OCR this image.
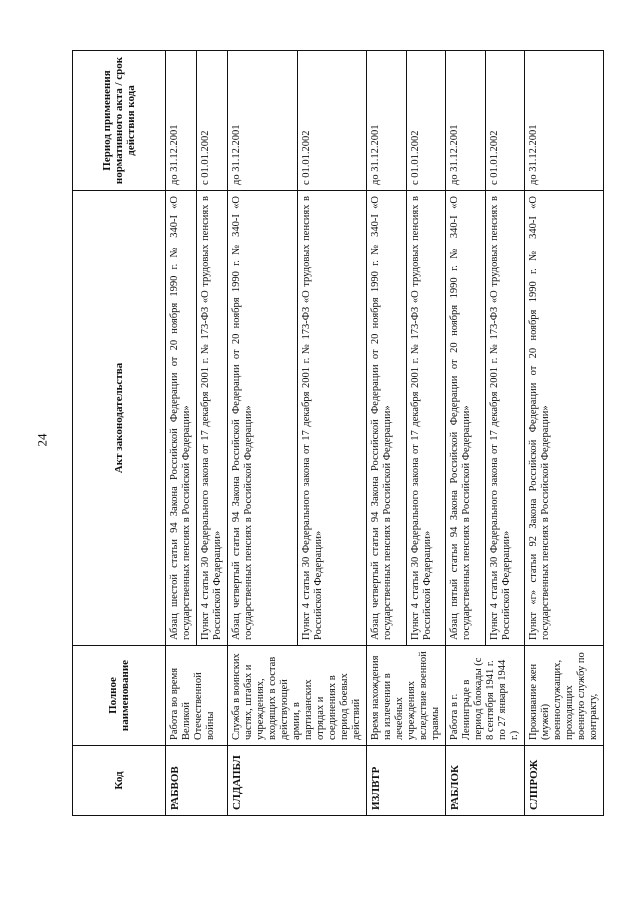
24
Код	Полное наименование	Акт законодательства	Период применения нормативного акта / срок действия кода
РАБВОВ	Работа во время Великой Отечественной войны	Абзац шестой статьи 94 Закона Российской Федерации от 20 ноября 1990 г. № 340-I «О государственных пенсиях в Российской Федерации»	до 31.12.2001
		Пункт 4 статьи 30 Федерального закона от 17 декабря 2001 г. № 173-ФЗ «О трудовых пенсиях в Российской Федерации»	с 01.01.2002
СЛДАПБЛ	Служба в воинских частях, штабах и учреждениях, входящих в состав действующей армии, в партизанских отрядах и соединениях в период боевых действий	Абзац четвертый статьи 94 Закона Российской Федерации от 20 ноября 1990 г. № 340-I «О государственных пенсиях в Российской Федерации»	до 31.12.2001
		Пункт 4 статьи 30 Федерального закона от 17 декабря 2001 г. № 173-ФЗ «О трудовых пенсиях в Российской Федерации»	с 01.01.2002
ИЗЛВТР	Время нахождения на излечении в лечебных учреждениях вследствие военной травмы	Абзац четвертый статьи 94 Закона Российской Федерации от 20 ноября 1990 г. № 340-I «О государственных пенсиях в Российской Федерации»	до 31.12.2001
		Пункт 4 статьи 30 Федерального закона от 17 декабря 2001 г. № 173-ФЗ «О трудовых пенсиях в Российской Федерации»	с 01.01.2002
РАБЛОК	Работа в г. Ленинграде в период блокады (с 8 сентября 1941 г. по 27 января 1944 г.)	Абзац пятый статьи 94 Закона Российской Федерации от 20 ноября 1990 г. № 340-I «О государственных пенсиях в Российской Федерации»	до 31.12.2001
		Пункт 4 статьи 30 Федерального закона от 17 декабря 2001 г. № 173-ФЗ «О трудовых пенсиях в Российской Федерации»	с 01.01.2002
СЛПРОЖ	Проживание жен (мужей) военнослужащих, проходящих военную службу по контракту,	Пункт «г» статьи 92 Закона Российской Федерации от 20 ноября 1990 г. № 340-I «О государственных пенсиях в Российской Федерации»	до 31.12.2001
